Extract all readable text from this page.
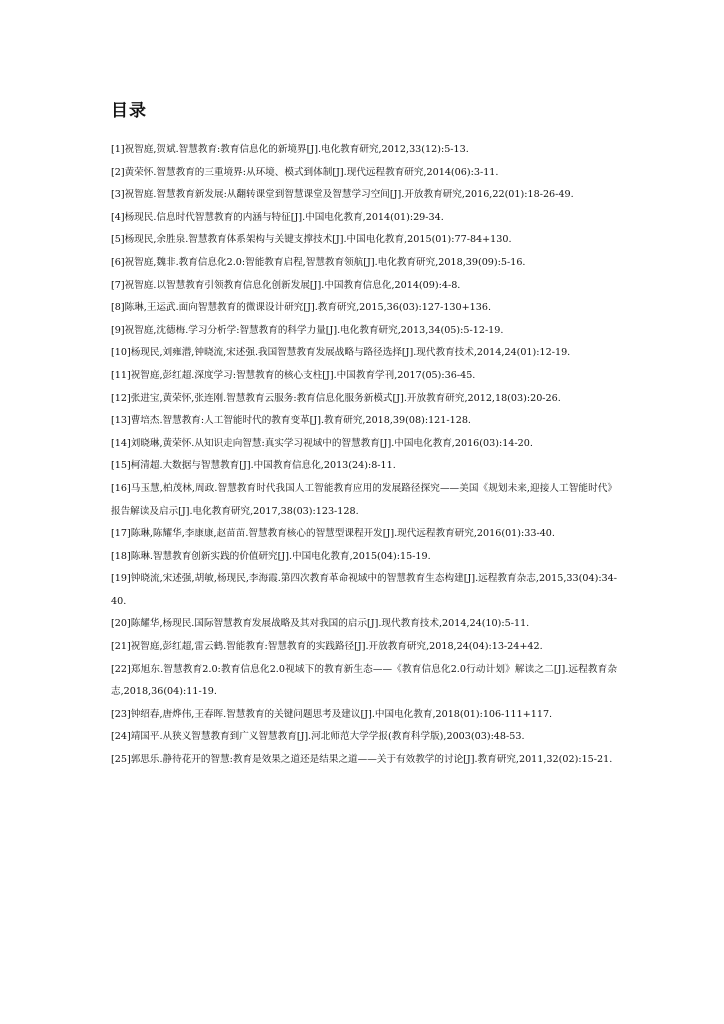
目录
[1]祝智庭,贺斌.智慧教育:教育信息化的新境界[J].电化教育研究,2012,33(12):5-13.
[2]黄荣怀.智慧教育的三重境界:从环境、模式到体制[J].现代远程教育研究,2014(06):3-11.
[3]祝智庭.智慧教育新发展:从翻转课堂到智慧课堂及智慧学习空间[J].开放教育研究,2016,22(01):18-26-49.
[4]杨现民.信息时代智慧教育的内涵与特征[J].中国电化教育,2014(01):29-34.
[5]杨现民,余胜泉.智慧教育体系架构与关键支撑技术[J].中国电化教育,2015(01):77-84+130.
[6]祝智庭,魏非.教育信息化2.0:智能教育启程,智慧教育领航[J].电化教育研究,2018,39(09):5-16.
[7]祝智庭.以智慧教育引领教育信息化创新发展[J].中国教育信息化,2014(09):4-8.
[8]陈琳,王运武.面向智慧教育的微课设计研究[J].教育研究,2015,36(03):127-130+136.
[9]祝智庭,沈德梅.学习分析学:智慧教育的科学力量[J].电化教育研究,2013,34(05):5-12-19.
[10]杨现民,刘雍潜,钟晓流,宋述强.我国智慧教育发展战略与路径选择[J].现代教育技术,2014,24(01):12-19.
[11]祝智庭,彭红超.深度学习:智慧教育的核心支柱[J].中国教育学刊,2017(05):36-45.
[12]张进宝,黄荣怀,张连刚.智慧教育云服务:教育信息化服务新模式[J].开放教育研究,2012,18(03):20-26.
[13]曹培杰.智慧教育:人工智能时代的教育变革[J].教育研究,2018,39(08):121-128.
[14]刘晓琳,黄荣怀.从知识走向智慧:真实学习视域中的智慧教育[J].中国电化教育,2016(03):14-20.
[15]柯清超.大数据与智慧教育[J].中国教育信息化,2013(24):8-11.
[16]马玉慧,柏茂林,周政.智慧教育时代我国人工智能教育应用的发展路径探究——美国《规划未来,迎接人工智能时代》报告解读及启示[J].电化教育研究,2017,38(03):123-128.
[17]陈琳,陈耀华,李康康,赵苗苗.智慧教育核心的智慧型课程开发[J].现代远程教育研究,2016(01):33-40.
[18]陈琳.智慧教育创新实践的价值研究[J].中国电化教育,2015(04):15-19.
[19]钟晓流,宋述强,胡敏,杨现民,李海霞.第四次教育革命视域中的智慧教育生态构建[J].远程教育杂志,2015,33(04):34-40.
[20]陈耀华,杨现民.国际智慧教育发展战略及其对我国的启示[J].现代教育技术,2014,24(10):5-11.
[21]祝智庭,彭红超,雷云鹤.智能教育:智慧教育的实践路径[J].开放教育研究,2018,24(04):13-24+42.
[22]郑旭东.智慧教育2.0:教育信息化2.0视域下的教育新生态——《教育信息化2.0行动计划》解读之二[J].远程教育杂志,2018,36(04):11-19.
[23]钟绍春,唐烨伟,王春晖.智慧教育的关键问题思考及建议[J].中国电化教育,2018(01):106-111+117.
[24]靖国平.从狭义智慧教育到广义智慧教育[J].河北师范大学学报(教育科学版),2003(03):48-53.
[25]郭思乐.静待花开的智慧:教育是效果之道还是结果之道——关于有效教学的讨论[J].教育研究,2011,32(02):15-21.
